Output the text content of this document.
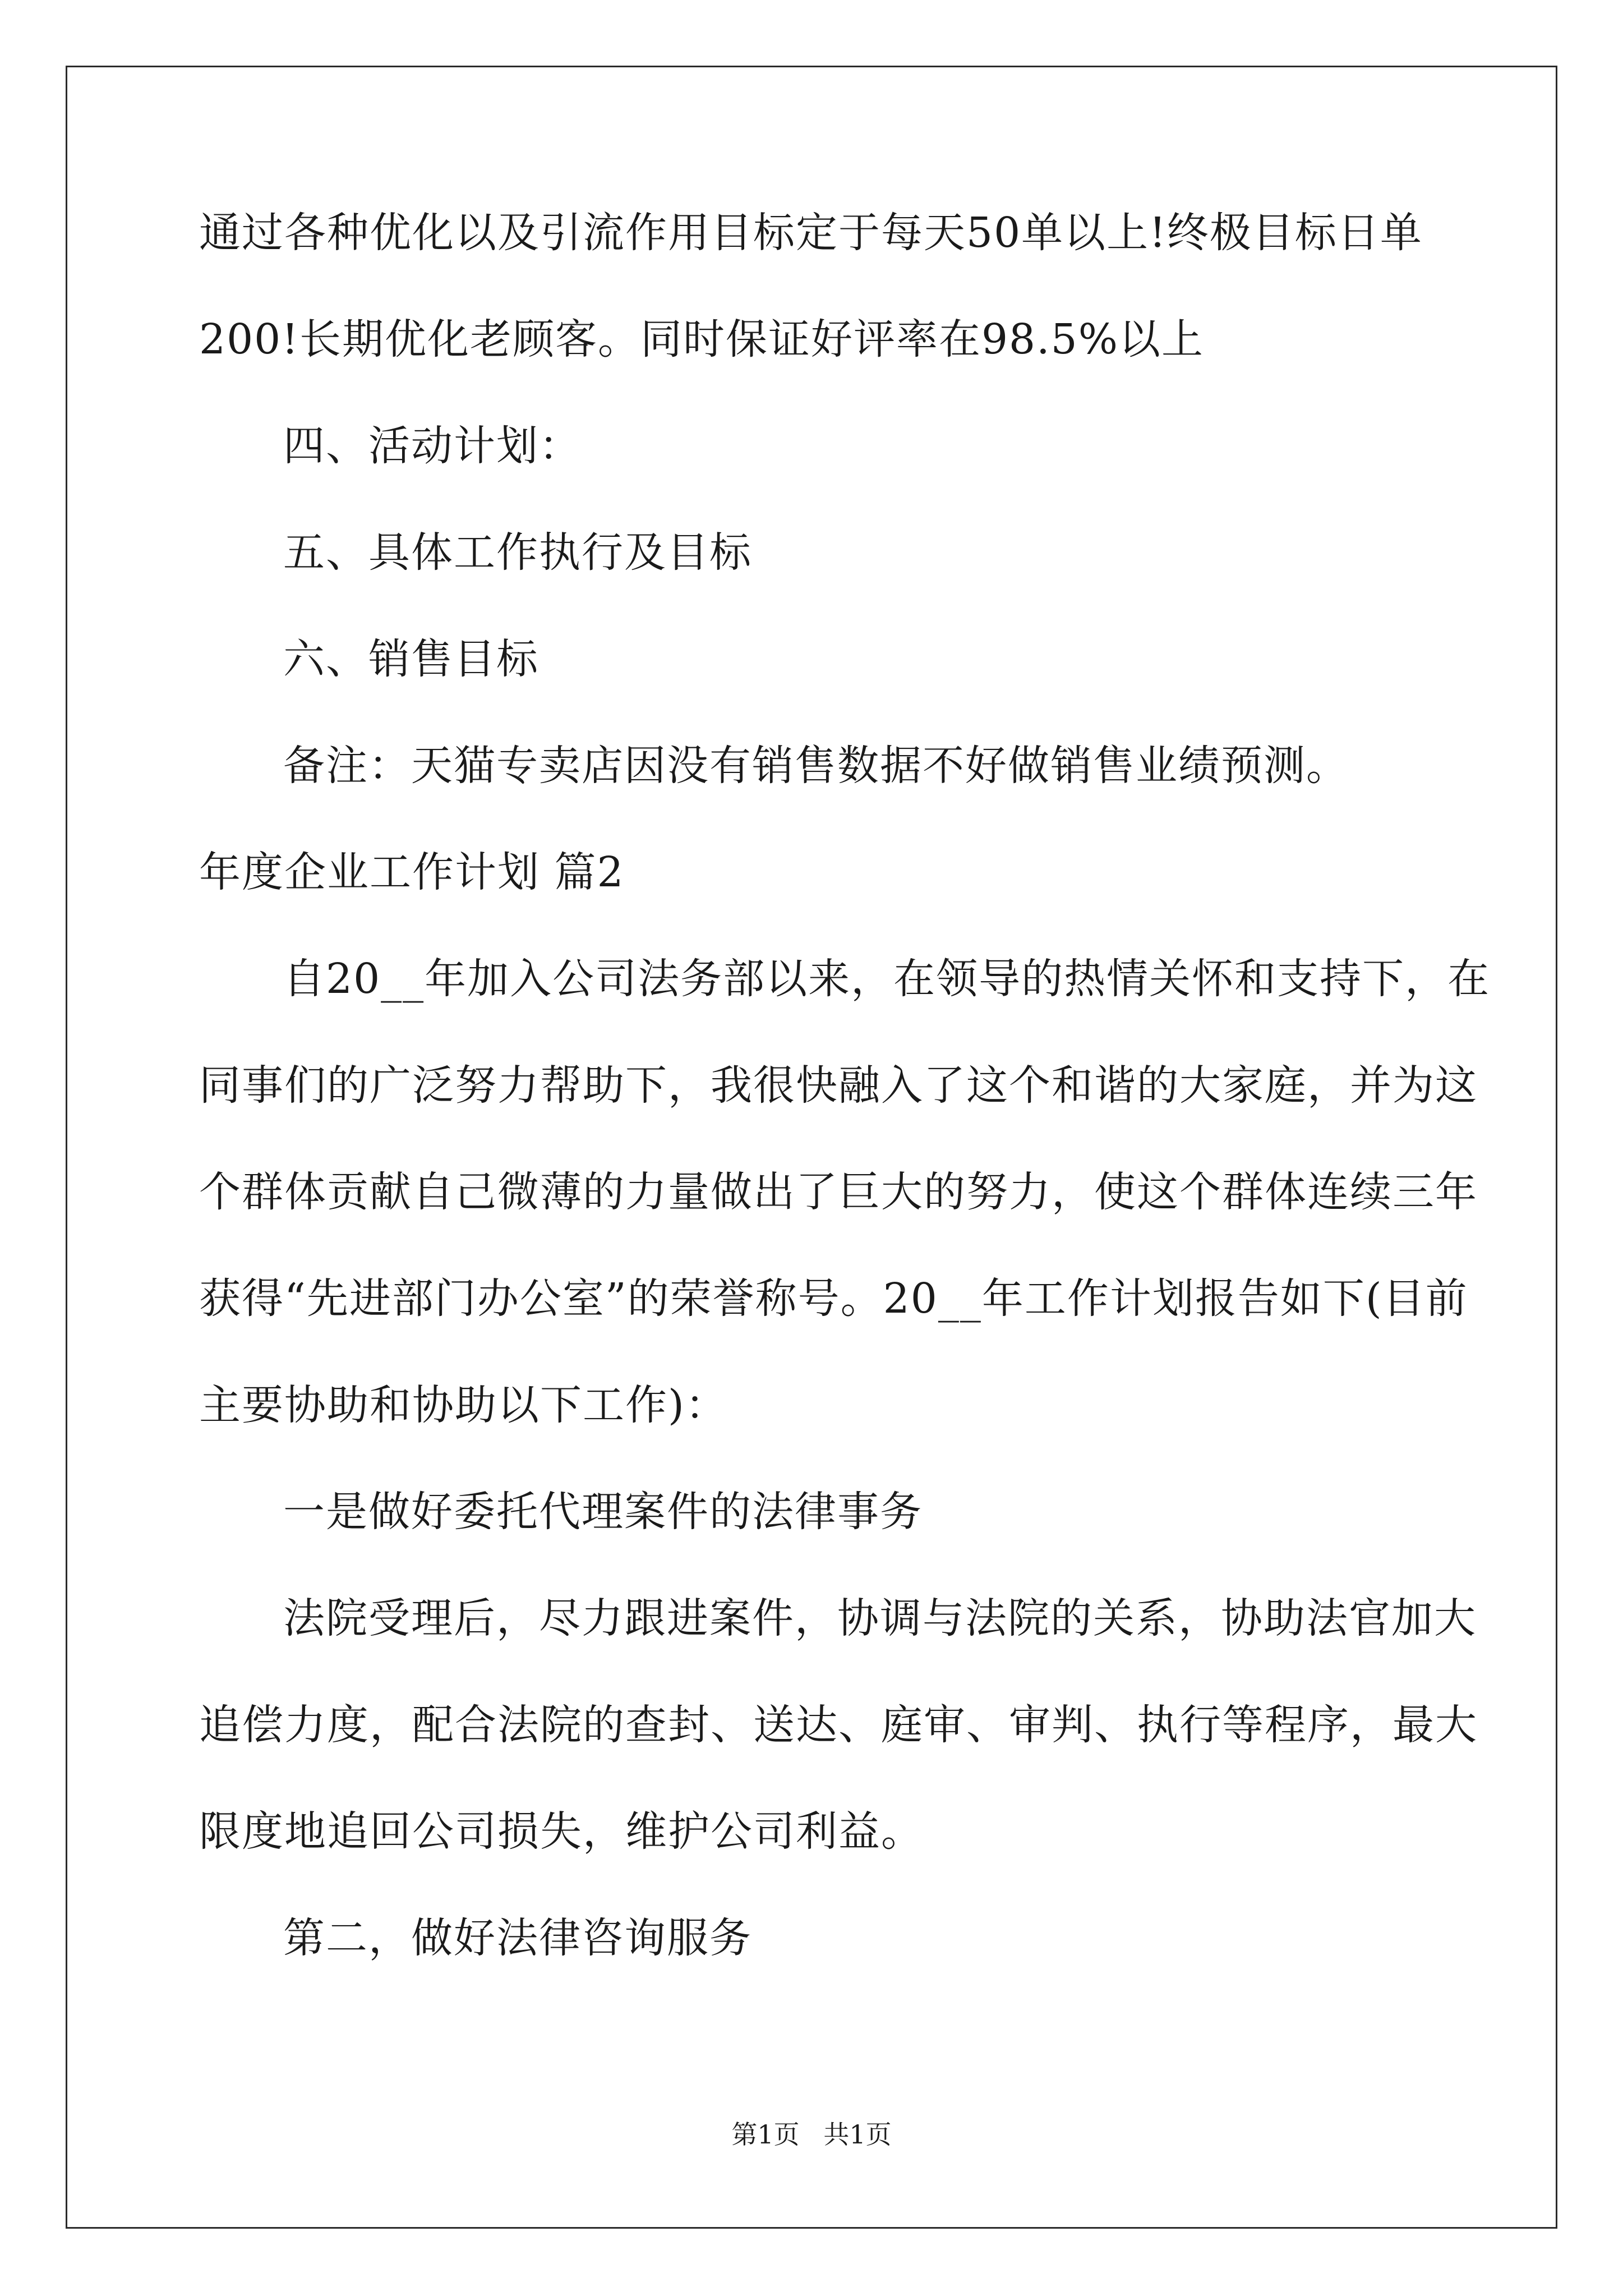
通过各种优化以及引流作用目标定于每天50单以上!终极目标日单
200!长期优化老顾客。同时保证好评率在98.5%以上
四、活动计划：
五、具体工作执行及目标
六、销售目标
备注：天猫专卖店因没有销售数据不好做销售业绩预测。
年度企业工作计划 篇2
自20__年加入公司法务部以来，在领导的热情关怀和支持下，在
同事们的广泛努力帮助下，我很快融入了这个和谐的大家庭，并为这
个群体贡献自己微薄的力量做出了巨大的努力，使这个群体连续三年
获得“先进部门办公室”的荣誉称号。20__年工作计划报告如下(目前
主要协助和协助以下工作)：
一是做好委托代理案件的法律事务
法院受理后，尽力跟进案件，协调与法院的关系，协助法官加大
追偿力度，配合法院的查封、送达、庭审、审判、执行等程序，最大
限度地追回公司损失，维护公司利益。
第二，做好法律咨询服务
第1页 共1页
